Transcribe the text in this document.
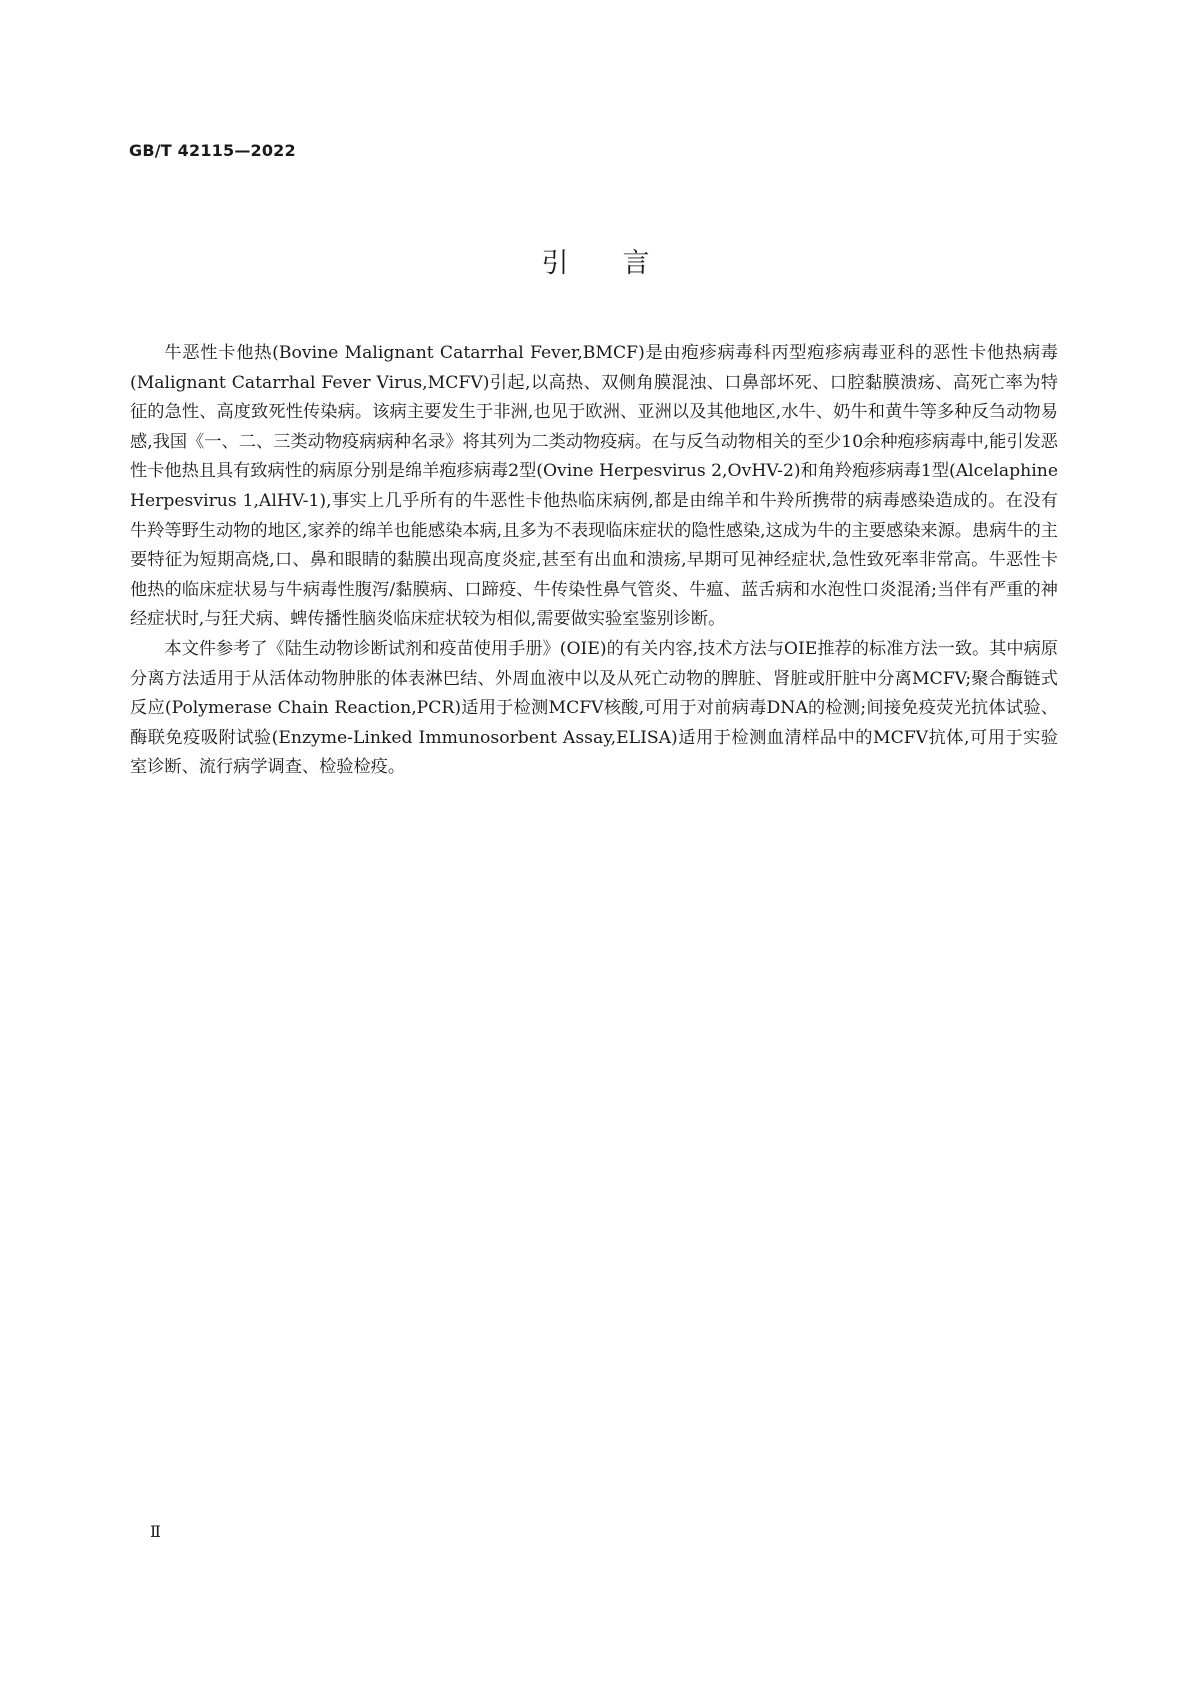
GB/T 42115—2022
引 言

牛恶性卡他热(Bovine Malignant Catarrhal Fever,BMCF)是由疱疹病毒科丙型疱疹病毒亚科的恶性卡他热病毒(Malignant Catarrhal Fever Virus,MCFV)引起,以高热、双侧角膜混浊、口鼻部坏死、口腔黏膜溃疡、高死亡率为特征的急性、高度致死性传染病。该病主要发生于非洲,也见于欧洲、亚洲以及其他地区,水牛、奶牛和黄牛等多种反刍动物易感,我国《一、二、三类动物疫病病种名录》将其列为二类动物疫病。在与反刍动物相关的至少10余种疱疹病毒中,能引发恶性卡他热且具有致病性的病原分别是绵羊疱疹病毒2型(Ovine Herpesvirus 2,OvHV-2)和角羚疱疹病毒1型(Alcelaphine Herpesvirus 1,AlHV-1),事实上几乎所有的牛恶性卡他热临床病例,都是由绵羊和牛羚所携带的病毒感染造成的。在没有牛羚等野生动物的地区,家养的绵羊也能感染本病,且多为不表现临床症状的隐性感染,这成为牛的主要感染来源。患病牛的主要特征为短期高烧,口、鼻和眼睛的黏膜出现高度炎症,甚至有出血和溃疡,早期可见神经症状,急性致死率非常高。牛恶性卡他热的临床症状易与牛病毒性腹泻/黏膜病、口蹄疫、牛传染性鼻气管炎、牛瘟、蓝舌病和水泡性口炎混淆;当伴有严重的神经症状时,与狂犬病、蜱传播性脑炎临床症状较为相似,需要做实验室鉴别诊断。

本文件参考了《陆生动物诊断试剂和疫苗使用手册》(OIE)的有关内容,技术方法与OIE推荐的标准方法一致。其中病原分离方法适用于从活体动物肿胀的体表淋巴结、外周血液中以及从死亡动物的脾脏、肾脏或肝脏中分离MCFV;聚合酶链式反应(Polymerase Chain Reaction,PCR)适用于检测MCFV核酸,可用于对前病毒DNA的检测;间接免疫荧光抗体试验、酶联免疫吸附试验(Enzyme-Linked Immunosorbent Assay,ELISA)适用于检测血清样品中的MCFV抗体,可用于实验室诊断、流行病学调查、检验检疫。

Ⅱ
